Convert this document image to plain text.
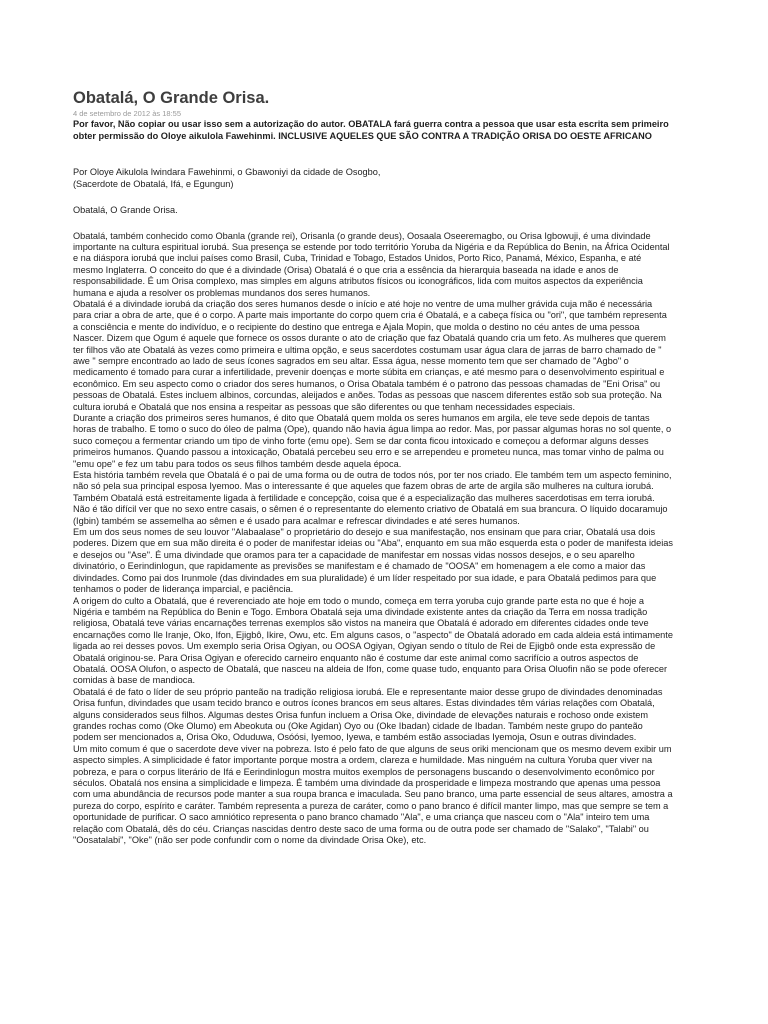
Obatalá, O Grande Orisa.
4 de setembro de 2012 às 18:55
Por favor, Não copiar ou usar isso sem a autorização do autor. OBATALA fará guerra contra a pessoa que usar esta escrita sem primeiro obter permissão do Oloye aikulola Fawehinmi. INCLUSIVE AQUELES QUE SÃO CONTRA A TRADIÇÃO ORISA DO OESTE AFRICANO
Por Oloye Aikulola Iwindara Fawehinmi, o Gbawoniyi da cidade de Osogbo,
(Sacerdote de Obatalá, Ifá, e Egungun)
Obatalá, O Grande Orisa.

Obatalá, também conhecido como Obanla (grande rei), Orisanla (o grande deus), Oosaala Oseeremagbo, ou Orisa Igbowuji, é uma divindade importante na cultura espiritual iorubá. Sua presença se estende por todo território Yoruba da Nigéria e da República do Benin, na África Ocidental e na diáspora iorubá que inclui países como Brasil, Cuba, Trinidad e Tobago, Estados Unidos, Porto Rico, Panamá, México, Espanha, e até mesmo Inglaterra. O conceito do que é a divindade (Orisa) Obatalá é o que cria a essência da hierarquia baseada na idade e anos de responsabilidade. É um Orisa complexo, mas simples em alguns atributos físicos ou iconográficos, lida com muitos aspectos da experiência humana e ajuda a resolver os problemas mundanos dos seres humanos.

Obatalá é a divindade iorubá da criação dos seres humanos desde o início e até hoje no ventre de uma mulher grávida cuja mão é necessária para criar a obra de arte, que é o corpo. A parte mais importante do corpo quem cria é Obatalá, e a cabeça física ou "ori", que também representa a consciência e mente do indivíduo, e o recipiente do destino que entrega e Ajala Mopin, que molda o destino no céu antes de uma pessoa Nascer. Dizem que Ogum é aquele que fornece os ossos durante o ato de criação que faz Obatalá quando cria um feto. As mulheres que querem ter filhos vão ate Obatalá às vezes como primeira e ultima opção, e seus sacerdotes costumam usar água clara de jarras de barro chamado de " awe " sempre encontrado ao lado de seus ícones sagrados em seu altar. Essa água, nesse momento tem que ser chamado de "Agbo" o medicamento é tomado para curar a infertilidade, prevenir doenças e morte súbita em crianças, e até mesmo para o desenvolvimento espiritual e econômico. Em seu aspecto como o criador dos seres humanos, o Orisa Obatala também é o patrono das pessoas chamadas de "Eni Orisa" ou pessoas de Obatalá. Estes incluem albinos, corcundas, aleijados e anões. Todas as pessoas que nascem diferentes estão sob sua proteção. Na cultura iorubá e Obatalá que nos ensina a respeitar as pessoas que são diferentes ou que tenham necessidades especiais.

Durante a criação dos primeiros seres humanos, é dito que Obatalá quem molda os seres humanos em argila, ele teve sede depois de tantas horas de trabalho. E tomo o suco do óleo de palma (Ope), quando não havia água limpa ao redor. Mas, por passar algumas horas no sol quente, o suco começou a fermentar criando um tipo de vinho forte (emu ope). Sem se dar conta ficou intoxicado e começou a deformar alguns desses primeiros humanos. Quando passou a intoxicação, Obatalá percebeu seu erro e se arrependeu e prometeu nunca, mas tomar vinho de palma ou "emu ope" e fez um tabu para todos os seus filhos também desde aquela época.

Esta história também revela que Obatalá é o pai de uma forma ou de outra de todos nós, por ter nos criado. Ele também tem um aspecto feminino, não só pela sua principal esposa Iyemoo. Mas o interessante é que aqueles que fazem obras de arte de argila são mulheres na cultura iorubá. Também Obatalá está estreitamente ligada à fertilidade e concepção, coisa que é a especialização das mulheres sacerdotisas em terra iorubá. Não é tão difícil ver que no sexo entre casais, o sêmen é o representante do elemento criativo de Obatalá em sua brancura. O líquido docaramujo (Igbin) também se assemelha ao sêmen e é usado para acalmar e refrescar divindades e até seres humanos.

Em um dos seus nomes de seu louvor "Alabaalase" o proprietário do desejo e sua manifestação, nos ensinam que para criar, Obatalá usa dois poderes. Dizem que em sua mão direita é o poder de manifestar ideias ou "Aba", enquanto em sua mão esquerda esta o poder de manifesta ideias e desejos ou "Ase". É uma divindade que oramos para ter a capacidade de manifestar em nossas vidas nossos desejos, e o seu aparelho divinatório, o Eerindinlogun, que rapidamente as previsões se manifestam e é chamado de "OOSA" em homenagem a ele como a maior das divindades. Como pai dos Irunmole (das divindades em sua pluralidade) é um líder respeitado por sua idade, e para Obatalá pedimos para que tenhamos o poder de liderança imparcial, e paciência.

A origem do culto a Obatalá, que é reverenciado ate hoje em todo o mundo, começa em terra yoruba cujo grande parte esta no que é hoje a Nigéria e também na República do Benin e Togo. Embora Obatalá seja uma divindade existente antes da criação da Terra em nossa tradição religiosa, Obatalá teve várias encarnações terrenas exemplos são vistos na maneira que Obatalá é adorado em diferentes cidades onde teve encarnações como Ile Iranje, Oko, Ifon, Ejigbô, Ikire, Owu, etc. Em alguns casos, o "aspecto" de Obatalá adorado em cada aldeia está intimamente ligada ao rei desses povos. Um exemplo seria Orisa Ogiyan, ou OOSA Ogiyan, Ogiyan sendo o título de Rei de Ejigbô onde esta expressão de Obatalá originou-se. Para Orisa Ogiyan e oferecido carneiro enquanto não é costume dar este animal como sacrifício a outros aspectos de Obatalá. OOSA Olufon, o aspecto de Obatalá, que nasceu na aldeia de Ifon, come quase tudo, enquanto para Orisa Oluofin não se pode oferecer comidas à base de mandioca.

Obatalá é de fato o líder de seu próprio panteão na tradição religiosa iorubá. Ele e representante maior desse grupo de divindades denominadas Orisa funfun, divindades que usam tecido branco e outros ícones brancos em seus altares. Estas divindades têm várias relações com Obatalá, alguns considerados seus filhos. Algumas destes Orisa funfun incluem a Orisa Oke, divindade de elevações naturais e rochoso onde existem grandes rochas como (Oke Olumo) em Abeokuta ou (Oke Agidan) Oyo ou (Oke Ibadan) cidade de Ibadan. Também neste grupo do panteão podem ser mencionados a, Orisa Oko, Oduduwa, Osóósi, Iyemoo, Iyewa, e também estão associadas Iyemoja, Osun e outras divindades.

Um mito comum é que o sacerdote deve viver na pobreza. Isto é pelo fato de que alguns de seus oriki mencionam que os mesmo devem exibir um aspecto simples. A simplicidade é fator importante porque mostra a ordem, clareza e humildade. Mas ninguém na cultura Yoruba quer viver na pobreza, e para o corpus literário de Ifá e Eerindinlogun mostra muitos exemplos de personagens buscando o desenvolvimento econômico por séculos. Obatalá nos ensina a simplicidade e limpeza. É também uma divindade da prosperidade e limpeza mostrando que apenas uma pessoa com uma abundância de recursos pode manter a sua roupa branca e imaculada. Seu pano branco, uma parte essencial de seus altares, amostra a pureza do corpo, espírito e caráter. Também representa a pureza de caráter, como o pano branco é difícil manter limpo, mas que sempre se tem a oportunidade de purificar. O saco amniótico representa o pano branco chamado "Ala", e uma criança que nasceu com o "Ala" inteiro tem uma relação com Obatalá, dês do céu. Crianças nascidas dentro deste saco de uma forma ou de outra pode ser chamado de "Salako", "Talabi" ou "Oosatalabi", "Oke" (não ser pode confundir com o nome da divindade Orisa Oke), etc.
